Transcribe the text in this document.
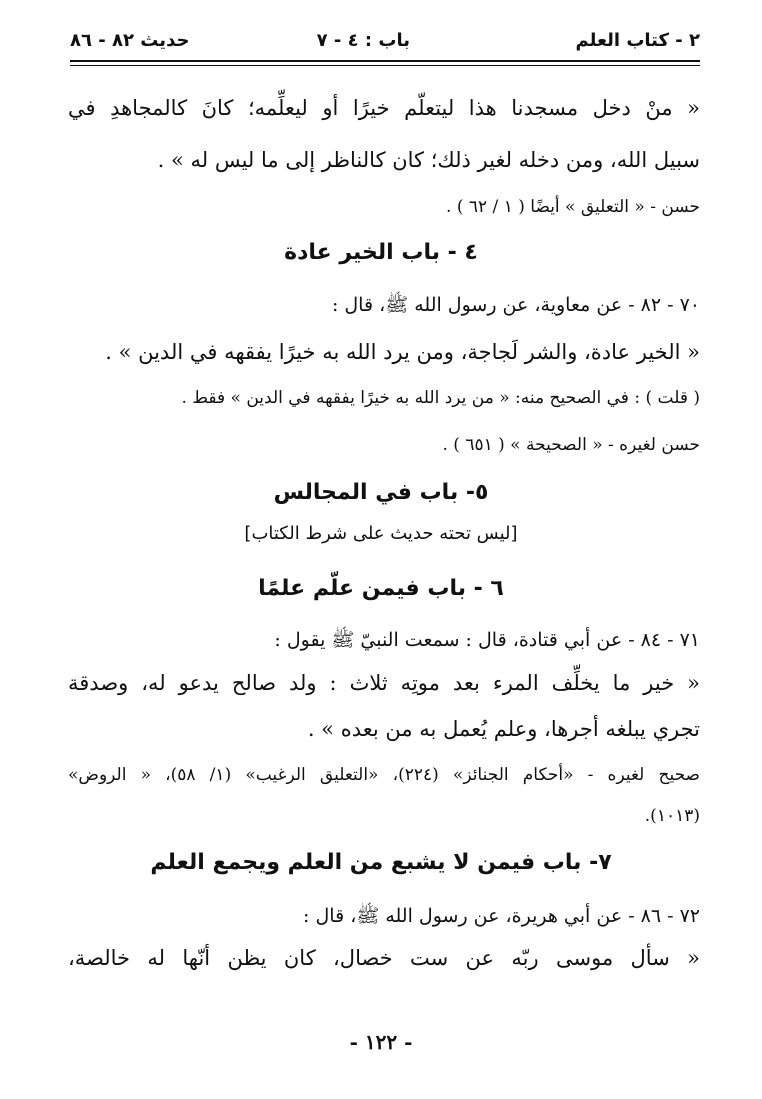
٢ - كتاب العلم
باب : ٤ - ٧
حديث ٨٢ - ٨٦
« منْ دخل مسجدنا هذا ليتعلّم خيرًا أو ليعلِّمه؛ كانَ كالمجاهدِ في
سبيل الله، ومن دخله لغير ذلك؛ كان كالناظر إلى ما ليس له » .
حسن - « التعليق » أيضًا ( ١ / ٦٢ ) .
٤ - باب الخير عادة
٧٠ - ٨٢ - عن معاوية، عن رسول الله ﷺ، قال :
« الخير عادة، والشر لَجاجة، ومن يرد الله به خيرًا يفقهه في الدين » .
( قلت ) : في الصحيح منه: « من يرد الله به خيرًا يفقهه في الدين » فقط .
حسن لغيره - « الصحيحة » ( ٦٥١ ) .
٥- باب في المجالس
[ليس تحته حديث على شرط الكتاب]
٦ - باب فيمن علّم علمًا
٧١ - ٨٤ - عن أبي قتادة، قال : سمعت النبيّ ﷺ يقول :
« خير ما يخلِّف المرء بعد موتِه ثلاث : ولد صالح يدعو له، وصدقة
تجري يبلغه أجرها، وعلم يُعمل به من بعده » .
صحيح لغيره - «أحكام الجنائز» (٢٢٤)، «التعليق الرغيب» (١/ ٥٨)، « الروض»
(١٠١٣).
٧- باب فيمن لا يشبع من العلم ويجمع العلم
٧٢ - ٨٦ - عن أبي هريرة، عن رسول الله ﷺ، قال :
« سأل موسى ربّه عن ست خصال، كان يظن أنّها له خالصة،
- ١٢٢ -
